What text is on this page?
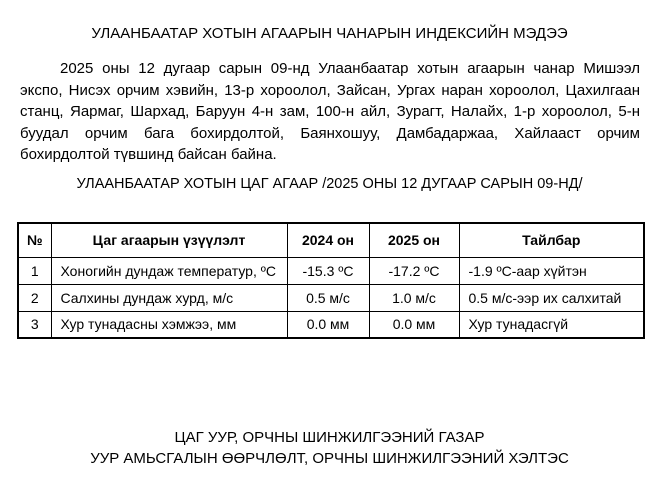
УЛААНБААТАР ХОТЫН АГААРЫН ЧАНАРЫН ИНДЕКСИЙН МЭДЭЭ
2025 оны 12 дугаар сарын 09-нд Улаанбаатар хотын агаарын чанар Мишээл экспо, Нисэх орчим хэвийн, 13-р хороолол, Зайсан, Ургах наран хороолол, Цахилгаан станц, Яармаг, Шархад, Баруун 4-н зам, 100-н айл, Зурагт, Налайх, 1-р хороолол, 5-н буудал орчим бага бохирдолтой, Баянхошуу, Дамбадаржаа, Хайлааст орчим бохирдолтой түвшинд байсан байна.
УЛААНБААТАР ХОТЫН ЦАГ АГААР /2025 ОНЫ 12 ДУГААР САРЫН 09-НД/
№	Цаг агаарын үзүүлэлт	2024 он	2025 он	Тайлбар
1	Хоногийн дундаж температур, ºС	-15.3 ºС	-17.2 ºС	-1.9 ºС-аар хүйтэн
2	Салхины дундаж хурд, м/с	0.5 м/с	1.0 м/с	0.5 м/с-ээр их салхитай
3	Хур тунадасны хэмжээ, мм	0.0 мм	0.0 мм	Хур тунадасгүй
ЦАГ УУР, ОРЧНЫ ШИНЖИЛГЭЭНИЙ ГАЗАР
УУР АМЬСГАЛЫН ӨӨРЧЛӨЛТ, ОРЧНЫ ШИНЖИЛГЭЭНИЙ ХЭЛТЭС
